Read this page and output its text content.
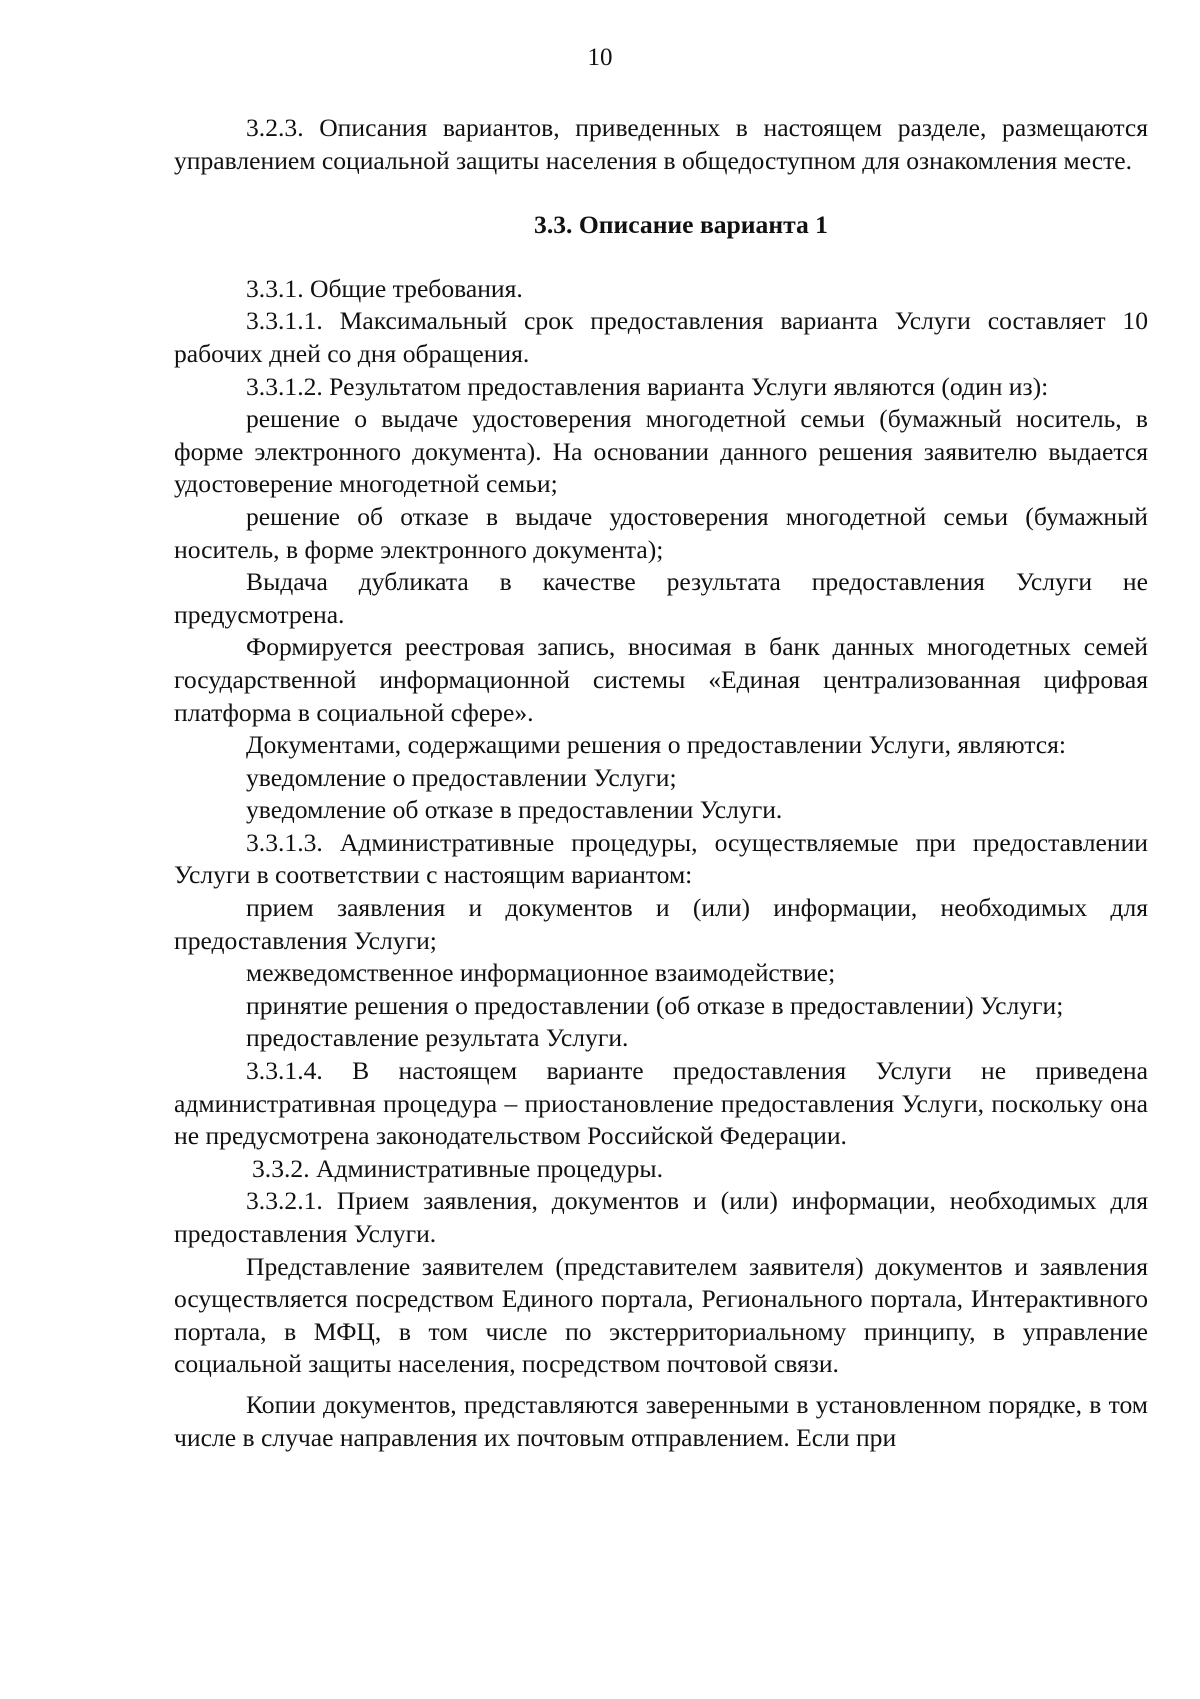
10

3.2.3. Описания вариантов, приведенных в настоящем разделе, размещаются управлением социальной защиты населения в общедоступном для ознакомления месте.

3.3. Описание варианта 1

3.3.1. Общие требования.

3.3.1.1. Максимальный срок предоставления варианта Услуги составляет 10 рабочих дней со дня обращения.

3.3.1.2. Результатом предоставления варианта Услуги являются (один из):

решение о выдаче удостоверения многодетной семьи (бумажный носитель, в форме электронного документа). На основании данного решения заявителю выдается удостоверение многодетной семьи;

решение об отказе в выдаче удостоверения многодетной семьи (бумажный носитель, в форме электронного документа);

Выдача дубликата в качестве результата предоставления Услуги не предусмотрена.

Формируется реестровая запись, вносимая в банк данных многодетных семей государственной информационной системы «Единая централизованная цифровая платформа в социальной сфере».

Документами, содержащими решения о предоставлении Услуги, являются:

уведомление о предоставлении Услуги;

уведомление об отказе в предоставлении Услуги.

3.3.1.3. Административные процедуры, осуществляемые при предоставлении Услуги в соответствии с настоящим вариантом:

прием заявления и документов и (или) информации, необходимых для предоставления Услуги;

межведомственное информационное взаимодействие;

принятие решения о предоставлении (об отказе в предоставлении) Услуги;

предоставление результата Услуги.

3.3.1.4. В настоящем варианте предоставления Услуги не приведена административная процедура – приостановление предоставления Услуги, поскольку она не предусмотрена законодательством Российской Федерации.

3.3.2. Административные процедуры.

3.3.2.1. Прием заявления, документов и (или) информации, необходимых для предоставления Услуги.

Представление заявителем (представителем заявителя) документов и заявления осуществляется посредством Единого портала, Регионального портала, Интерактивного портала, в МФЦ, в том числе по экстерриториальному принципу, в управление социальной защиты населения, посредством почтовой связи.

Копии документов, представляются заверенными в установленном порядке, в том числе в случае направления их почтовым отправлением. Если при
